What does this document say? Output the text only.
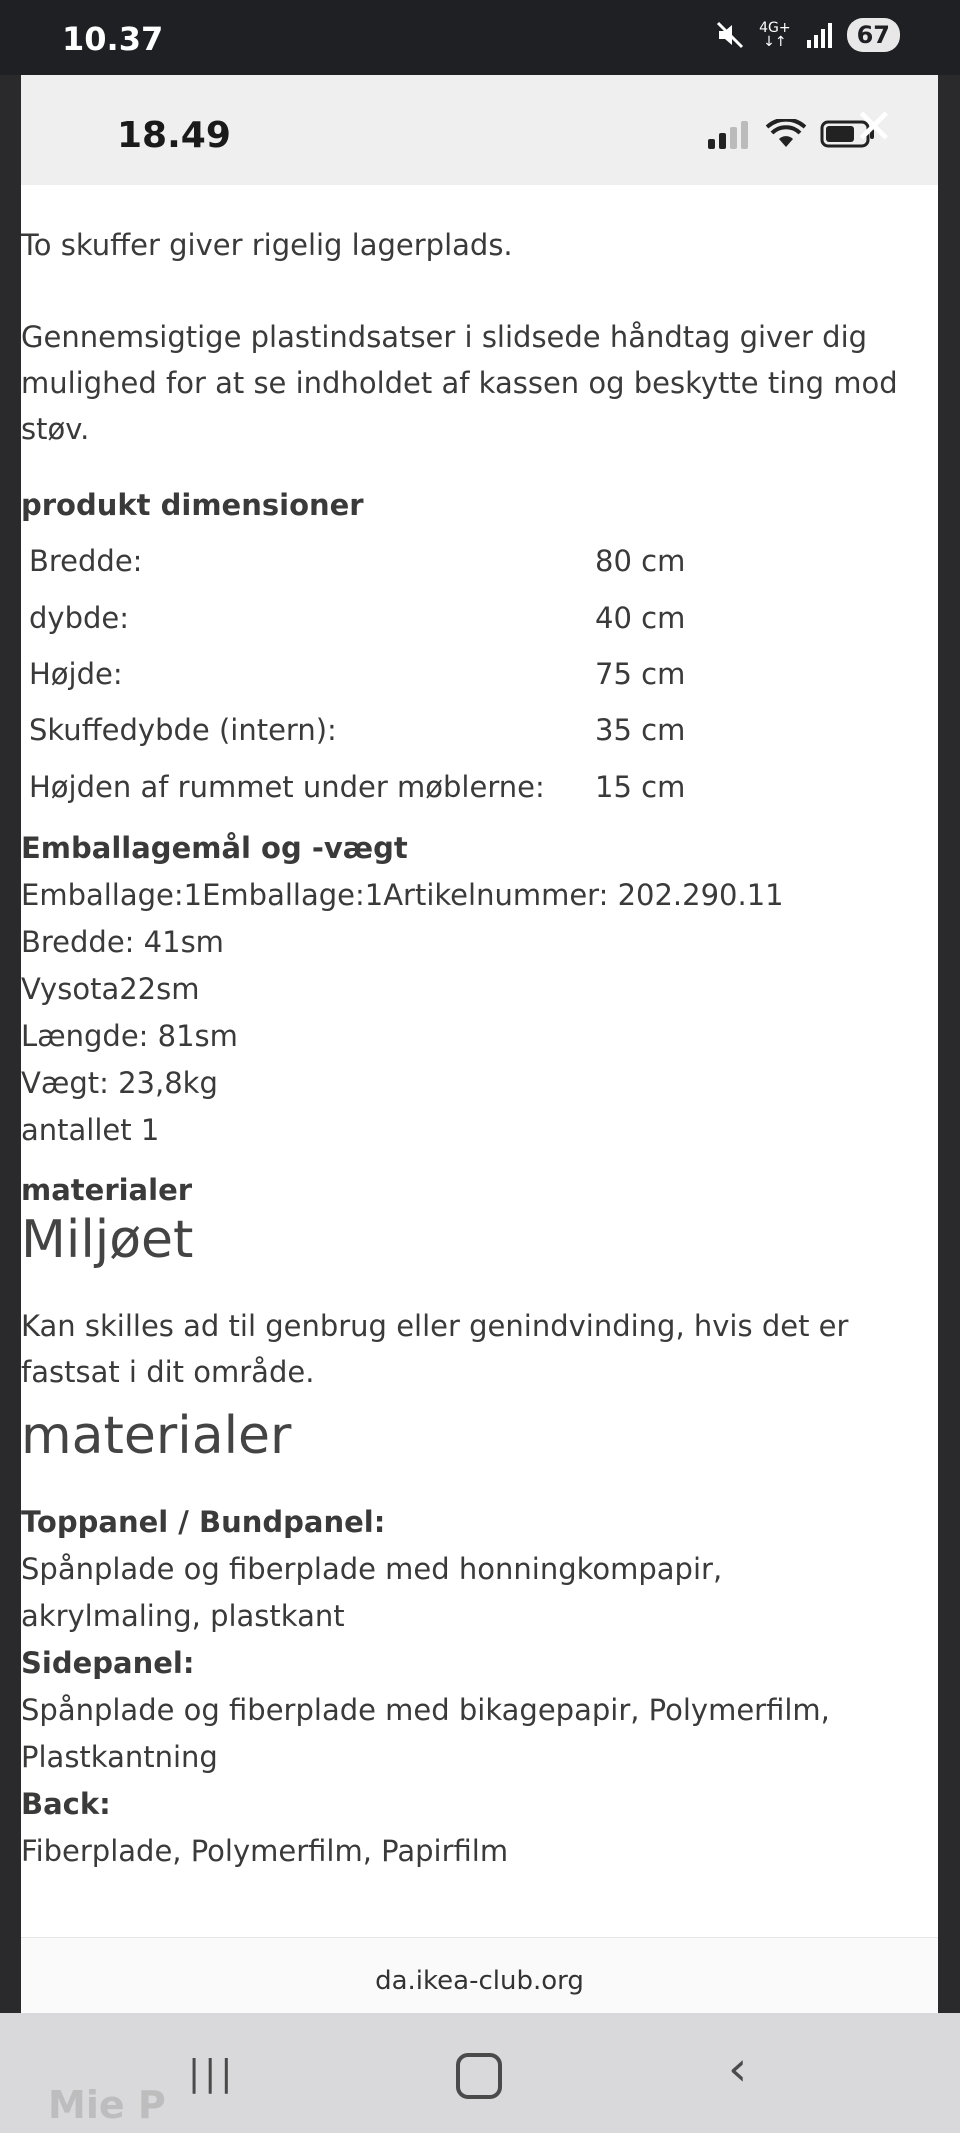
10.37	4G+
↓↑	67
18.49	✕
To skuffer giver rigelig lagerplads.
Gennemsigtige plastindsatser i slidsede håndtag giver dig
mulighed for at se indholdet af kassen og beskytte ting mod
støv.
produkt dimensioner
Bredde:	80 cm
dybde:	40 cm
Højde:	75 cm
Skuffedybde (intern):	35 cm
Højden af rummet under møblerne: 15 cm
Emballagemål og -vægt
Emballage:1Emballage:1Artikelnummer: 202.290.11
Bredde: 41sm
Vysota22sm
Længde: 81sm
Vægt: 23,8kg
antallet 1
materialer
Miljøet
Kan skilles ad til genbrug eller genindvinding, hvis det er
fastsat i dit område.
materialer
Toppanel / Bundpanel:
Spånplade og fiberplade med honningkompapir,
akrylmaling, plastkant
Sidepanel:
Spånplade og fiberplade med bikagepapir, Polymerfilm,
Plastkantning
Back:
Fiberplade, Polymerfilm, Papirfilm
da.ikea-club.org
|||	‹
Mie P
